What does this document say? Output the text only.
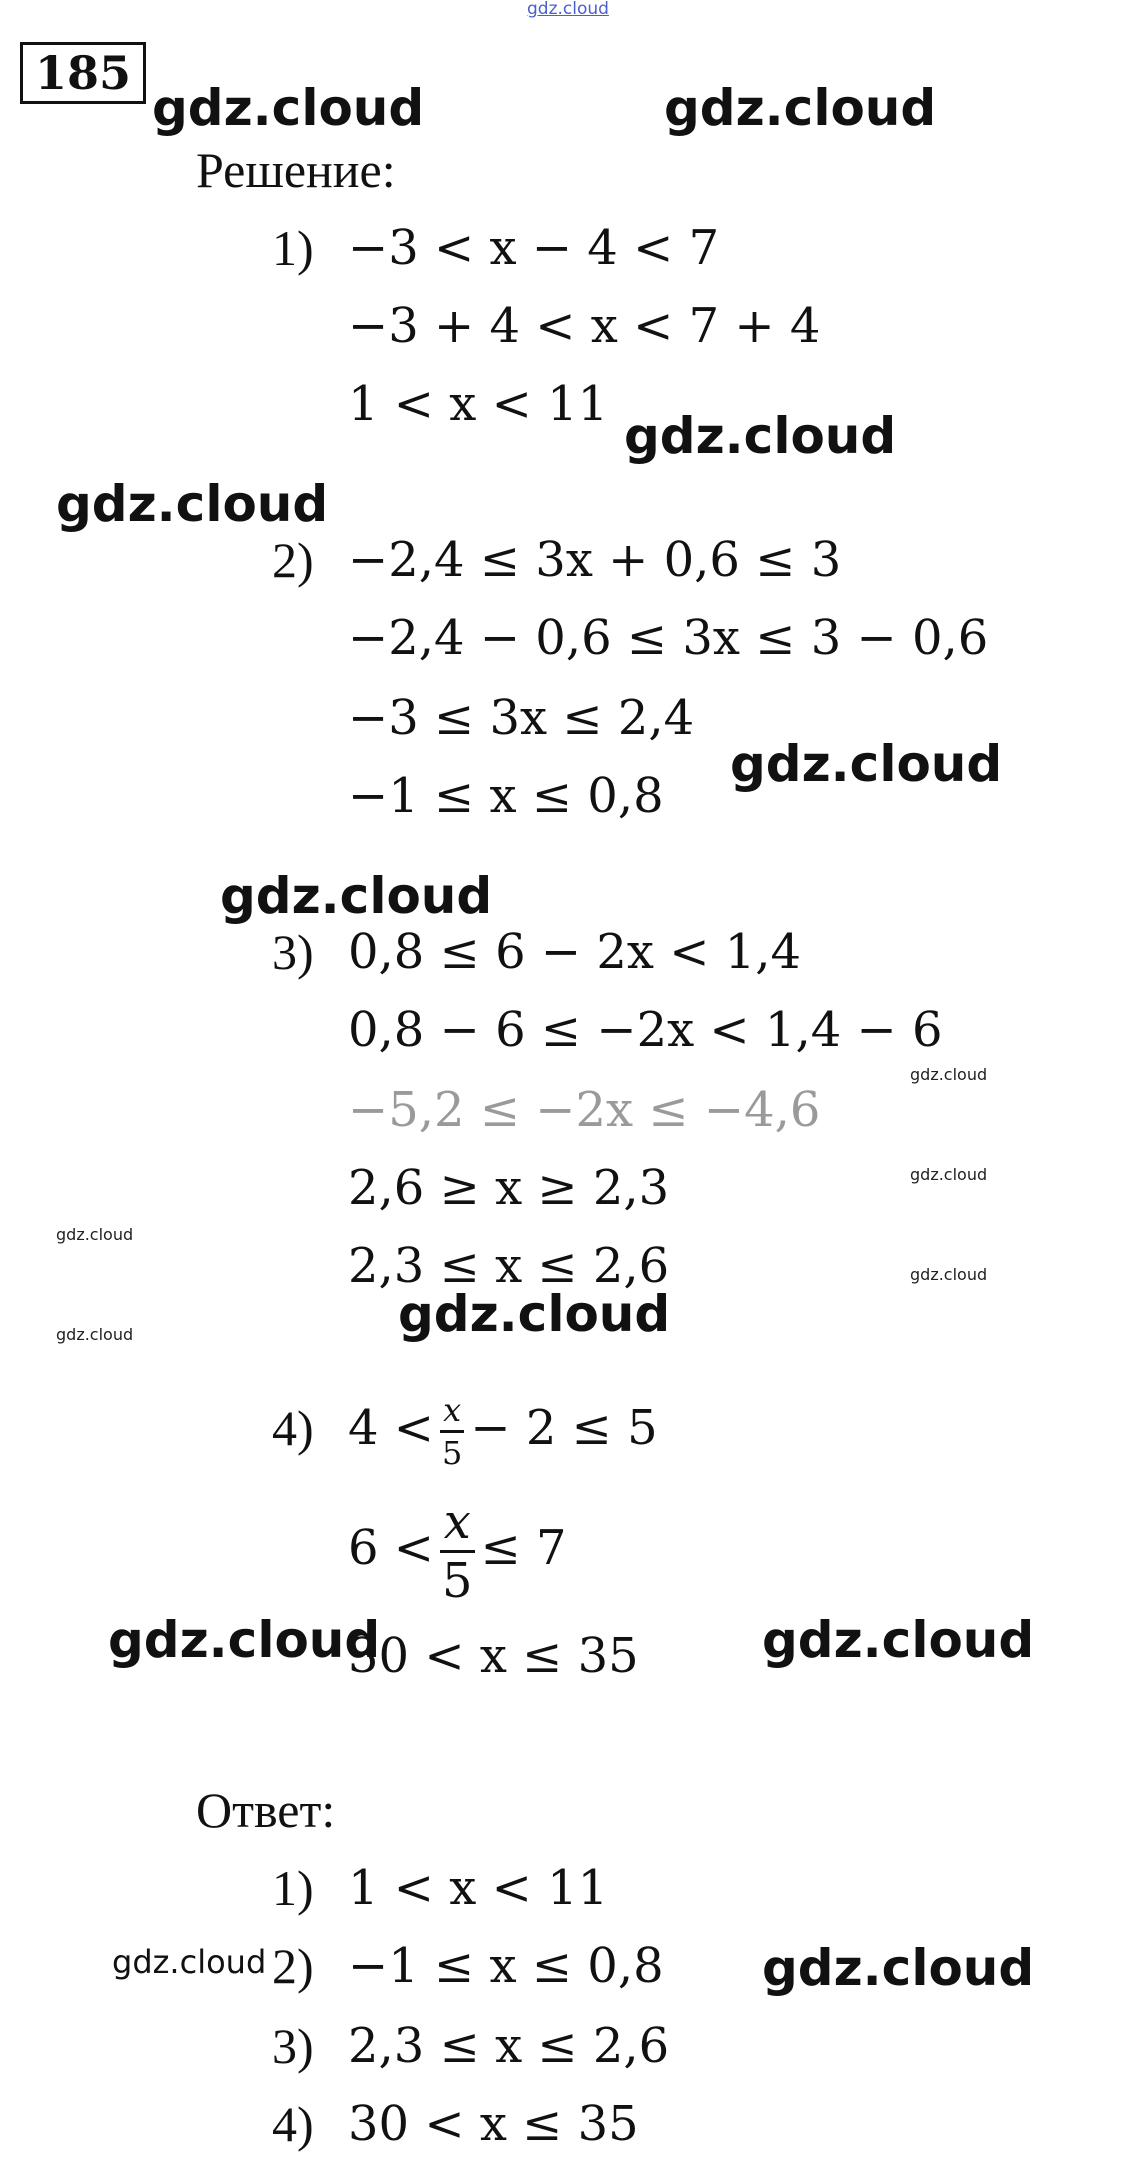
gdz.cloud
185
gdz.cloud	gdz.cloud
gdz.cloud
gdz.cloud
gdz.cloud
gdz.cloud
gdz.cloud
gdz.cloud
gdz.cloud
gdz.cloud
gdz.cloud
gdz.cloud
gdz.cloud	gdz.cloud
gdz.cloud	gdz.cloud
Решение:
1) −3 < x − 4 < 7
−3 + 4 < x < 7 + 4
1 < x < 11
2) −2,4 ≤ 3x + 0,6 ≤ 3
−2,4 − 0,6 ≤ 3x ≤ 3 − 0,6
−3 ≤ 3x ≤ 2,4
−1 ≤ x ≤ 0,8
3) 0,8 ≤ 6 − 2x < 1,4
0,8 − 6 ≤ −2x < 1,4 − 6
−5,2 ≤ −2x ≤ −4,6
2,6 ≥ x ≥ 2,3
2,3 ≤ x ≤ 2,6
4) $4 < \frac{x}{5} - 2 \le 5$
$6 < \frac{x}{5} \le 7$
30 < x ≤ 35
Ответ:
1) 1 < x < 11
2) −1 ≤ x ≤ 0,8
3) 2,3 ≤ x ≤ 2,6
4) 30 < x ≤ 35
